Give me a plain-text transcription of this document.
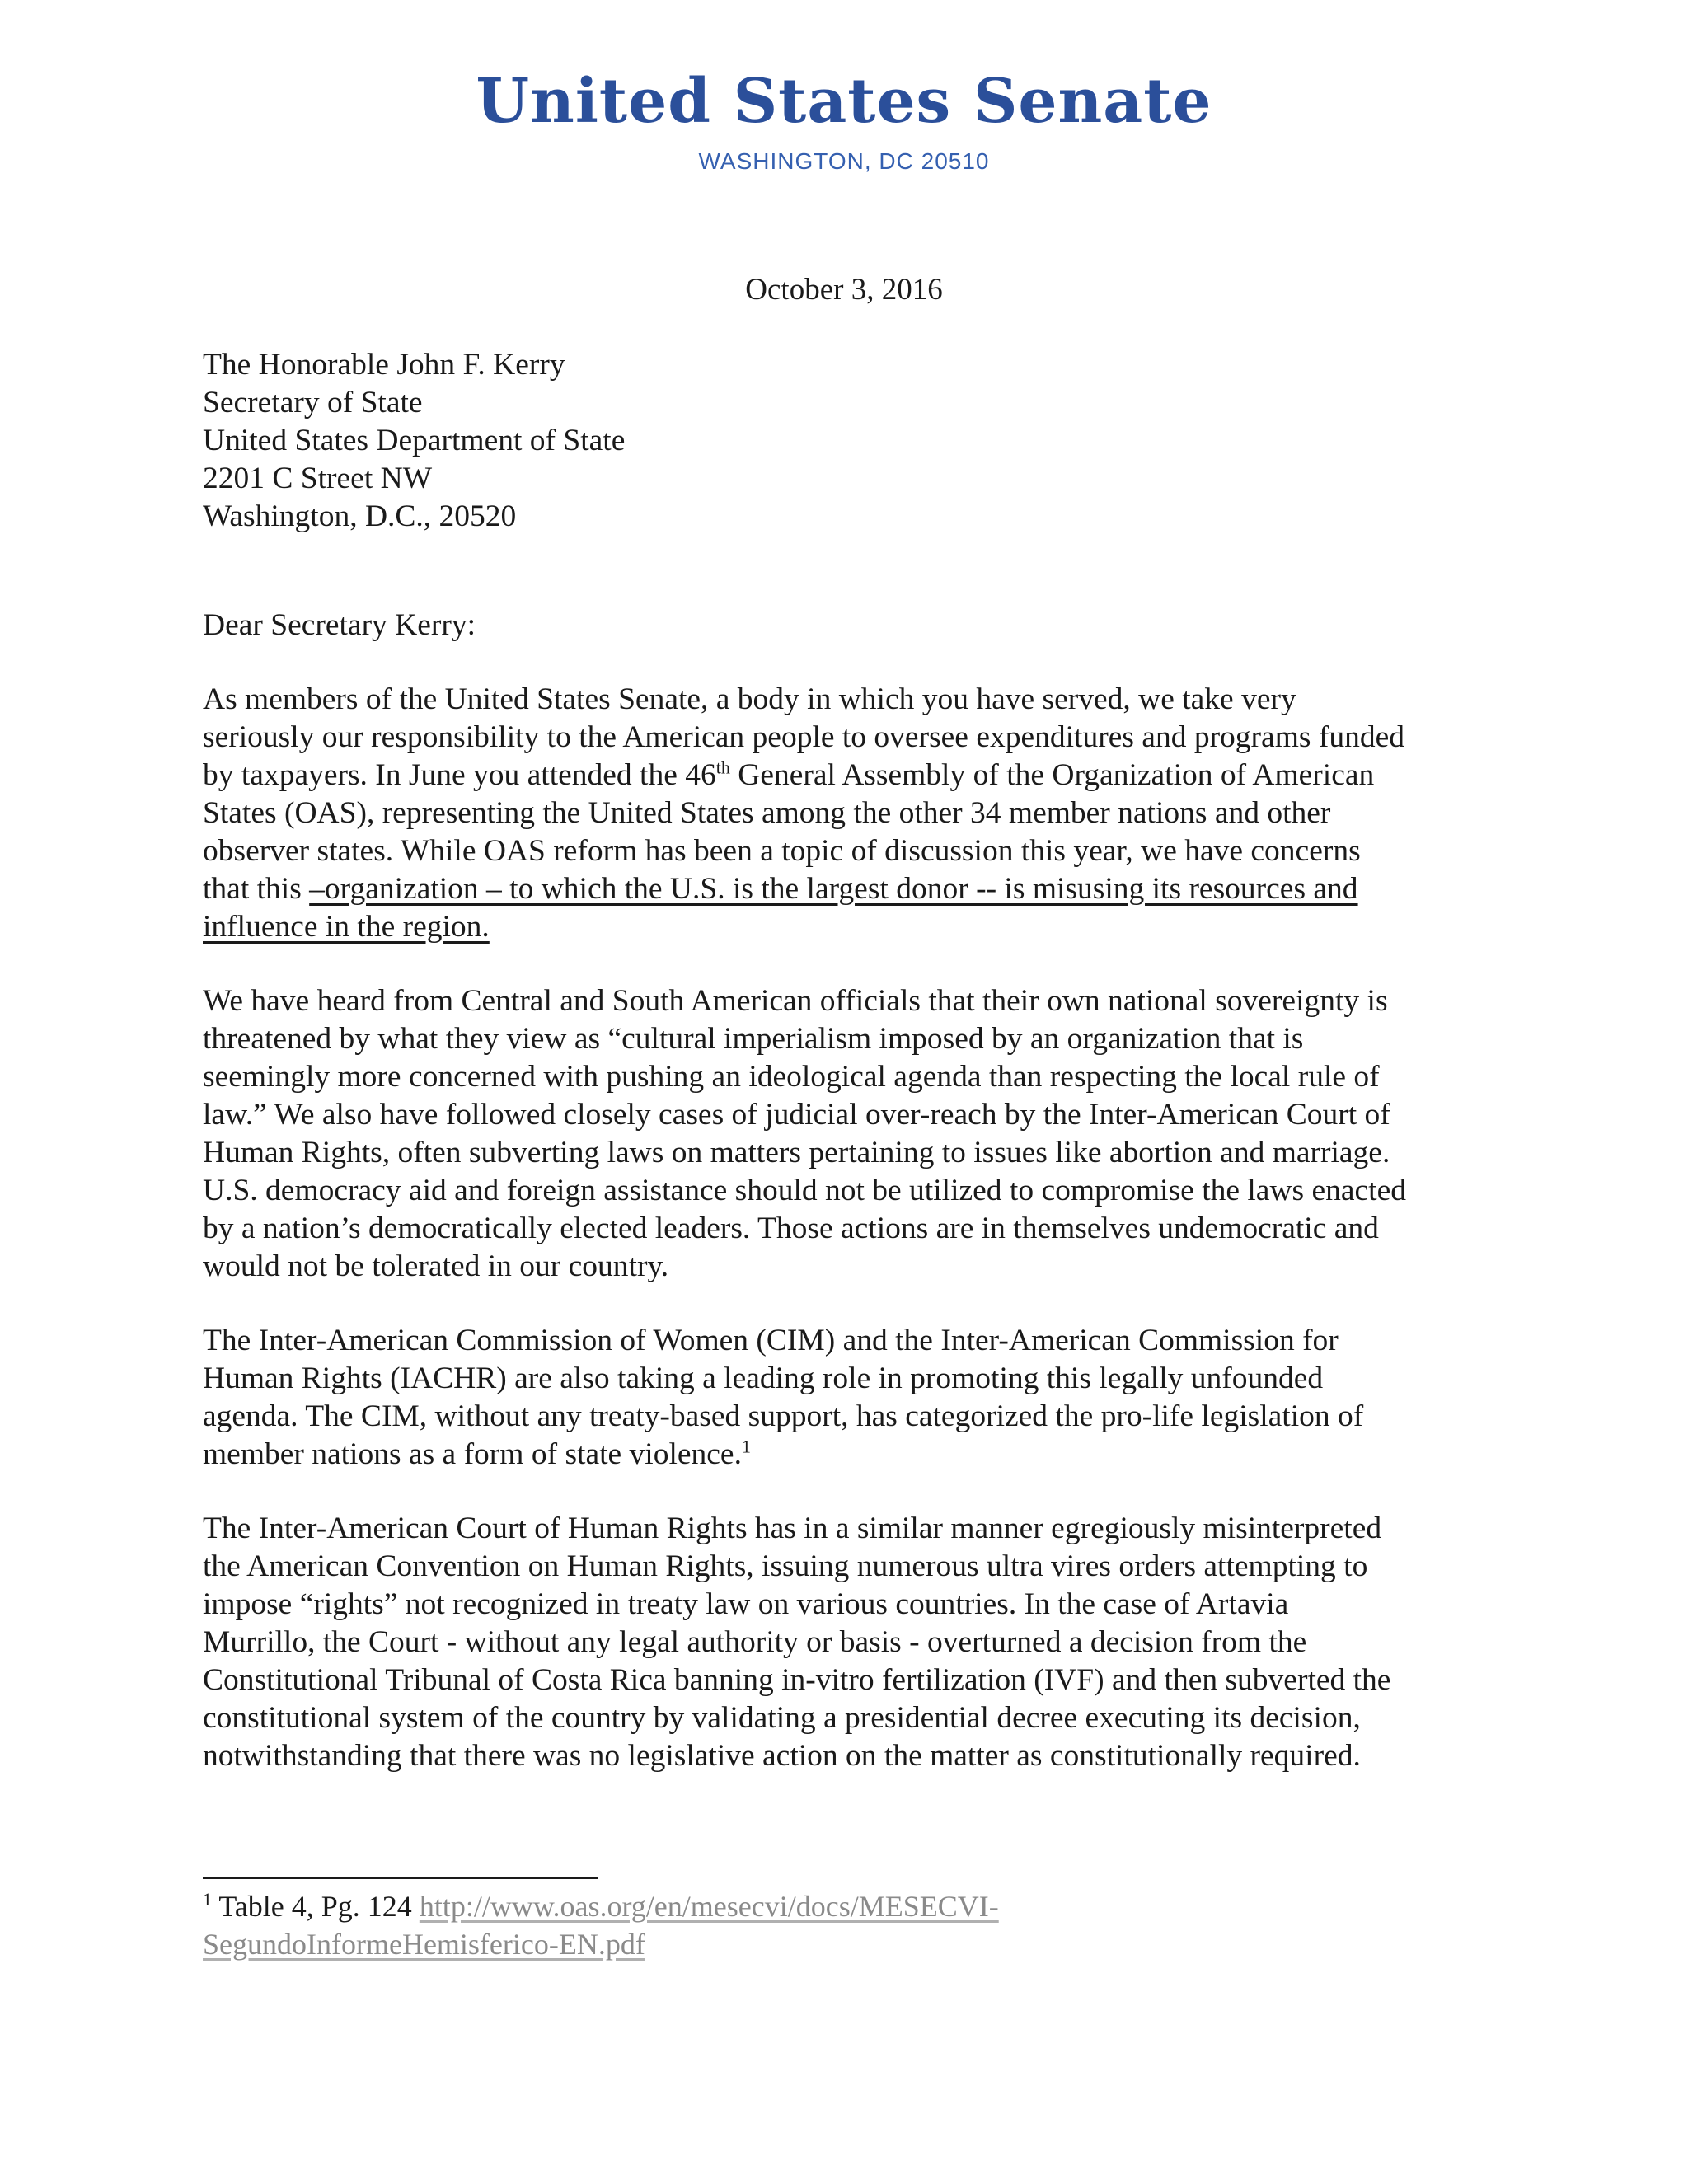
United States Senate
WASHINGTON, DC 20510
October 3, 2016
The Honorable John F. Kerry
Secretary of State
United States Department of State
2201 C Street NW
Washington, D.C., 20520
Dear Secretary Kerry:

As members of the United States Senate, a body in which you have served, we take very
seriously our responsibility to the American people to oversee expenditures and programs funded
by taxpayers. In June you attended the 46th General Assembly of the Organization of American
States (OAS), representing the United States among the other 34 member nations and other
observer states. While OAS reform has been a topic of discussion this year, we have concerns
that this –organization – to which the U.S. is the largest donor -- is misusing its resources and
influence in the region.

We have heard from Central and South American officials that their own national sovereignty is
threatened by what they view as “cultural imperialism imposed by an organization that is
seemingly more concerned with pushing an ideological agenda than respecting the local rule of
law.” We also have followed closely cases of judicial over-reach by the Inter-American Court of
Human Rights, often subverting laws on matters pertaining to issues like abortion and marriage.
U.S. democracy aid and foreign assistance should not be utilized to compromise the laws enacted
by a nation’s democratically elected leaders. Those actions are in themselves undemocratic and
would not be tolerated in our country.

The Inter-American Commission of Women (CIM) and the Inter-American Commission for
Human Rights (IACHR) are also taking a leading role in promoting this legally unfounded
agenda. The CIM, without any treaty-based support, has categorized the pro-life legislation of
member nations as a form of state violence.$^1$

The Inter-American Court of Human Rights has in a similar manner egregiously misinterpreted
the American Convention on Human Rights, issuing numerous ultra vires orders attempting to
impose “rights” not recognized in treaty law on various countries. In the case of Artavia
Murrillo, the Court - without any legal authority or basis - overturned a decision from the
Constitutional Tribunal of Costa Rica banning in-vitro fertilization (IVF) and then subverted the
constitutional system of the country by validating a presidential decree executing its decision,
notwithstanding that there was no legislative action on the matter as constitutionally required.

$^1$ Table 4, Pg. 124 http://www.oas.org/en/mesecvi/docs/MESECVI-
SegundoInformeHemisferico-EN.pdf
